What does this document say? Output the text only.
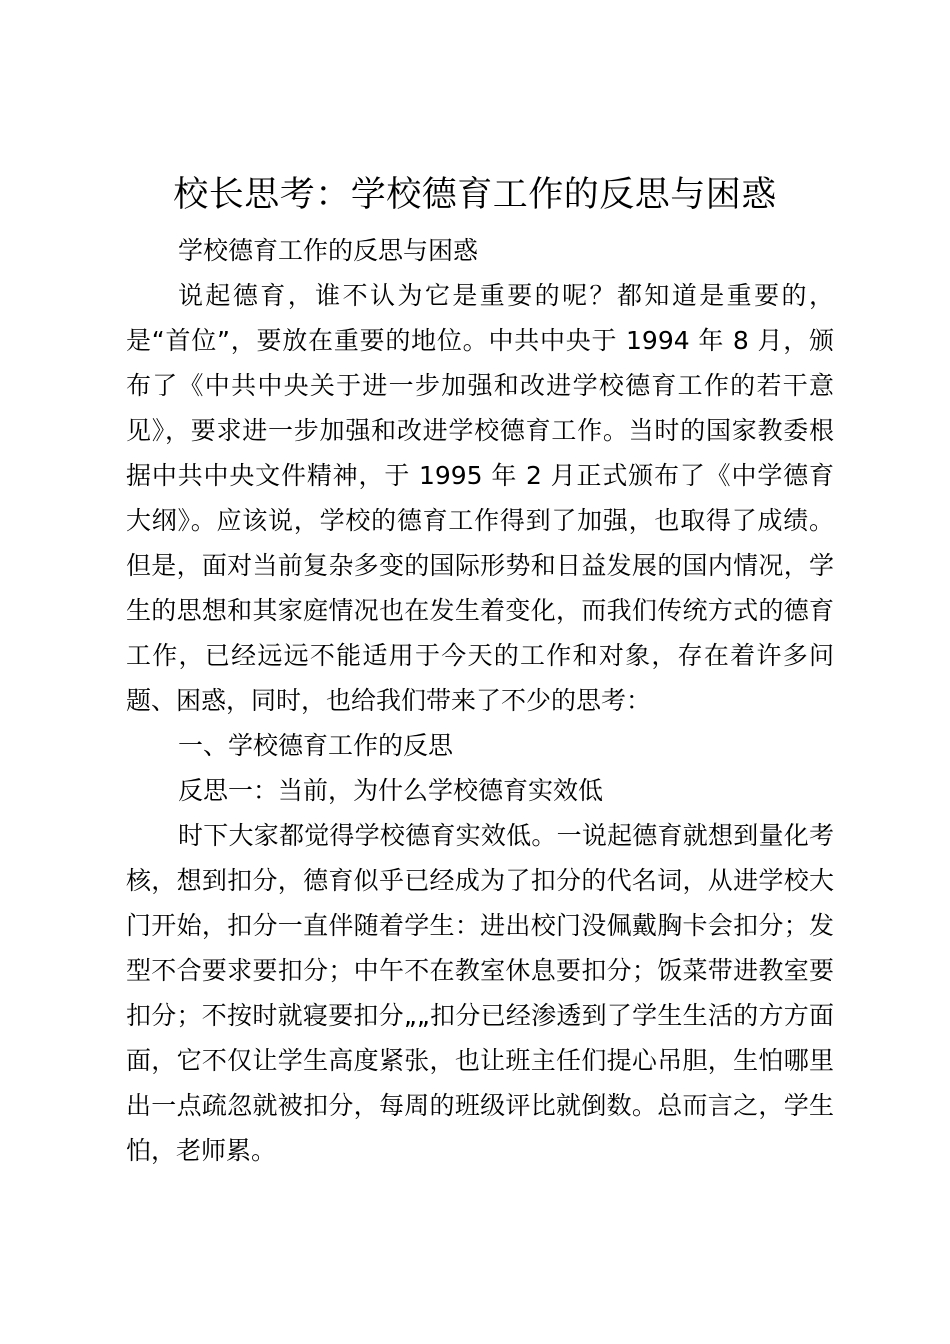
校长思考：学校德育工作的反思与困惑

学校德育工作的反思与困惑

说起德育，谁不认为它是重要的呢？都知道是重要的，是“首位”，要放在重要的地位。中共中央于 1994 年 8 月，颁布了《中共中央关于进一步加强和改进学校德育工作的若干意见》，要求进一步加强和改进学校德育工作。当时的国家教委根据中共中央文件精神，于 1995 年 2 月正式颁布了《中学德育大纲》。应该说，学校的德育工作得到了加强，也取得了成绩。但是，面对当前复杂多变的国际形势和日益发展的国内情况，学生的思想和其家庭情况也在发生着变化，而我们传统方式的德育工作，已经远远不能适用于今天的工作和对象，存在着许多问题、困惑，同时，也给我们带来了不少的思考：

一、学校德育工作的反思

反思一：当前，为什么学校德育实效低

时下大家都觉得学校德育实效低。一说起德育就想到量化考核，想到扣分，德育似乎已经成为了扣分的代名词，从进学校大门开始，扣分一直伴随着学生：进出校门没佩戴胸卡会扣分；发型不合要求要扣分；中午不在教室休息要扣分；饭菜带进教室要扣分；不按时就寝要扣分„„扣分已经渗透到了学生生活的方方面面，它不仅让学生高度紧张，也让班主任们提心吊胆，生怕哪里出一点疏忽就被扣分，每周的班级评比就倒数。总而言之，学生怕，老师累。
